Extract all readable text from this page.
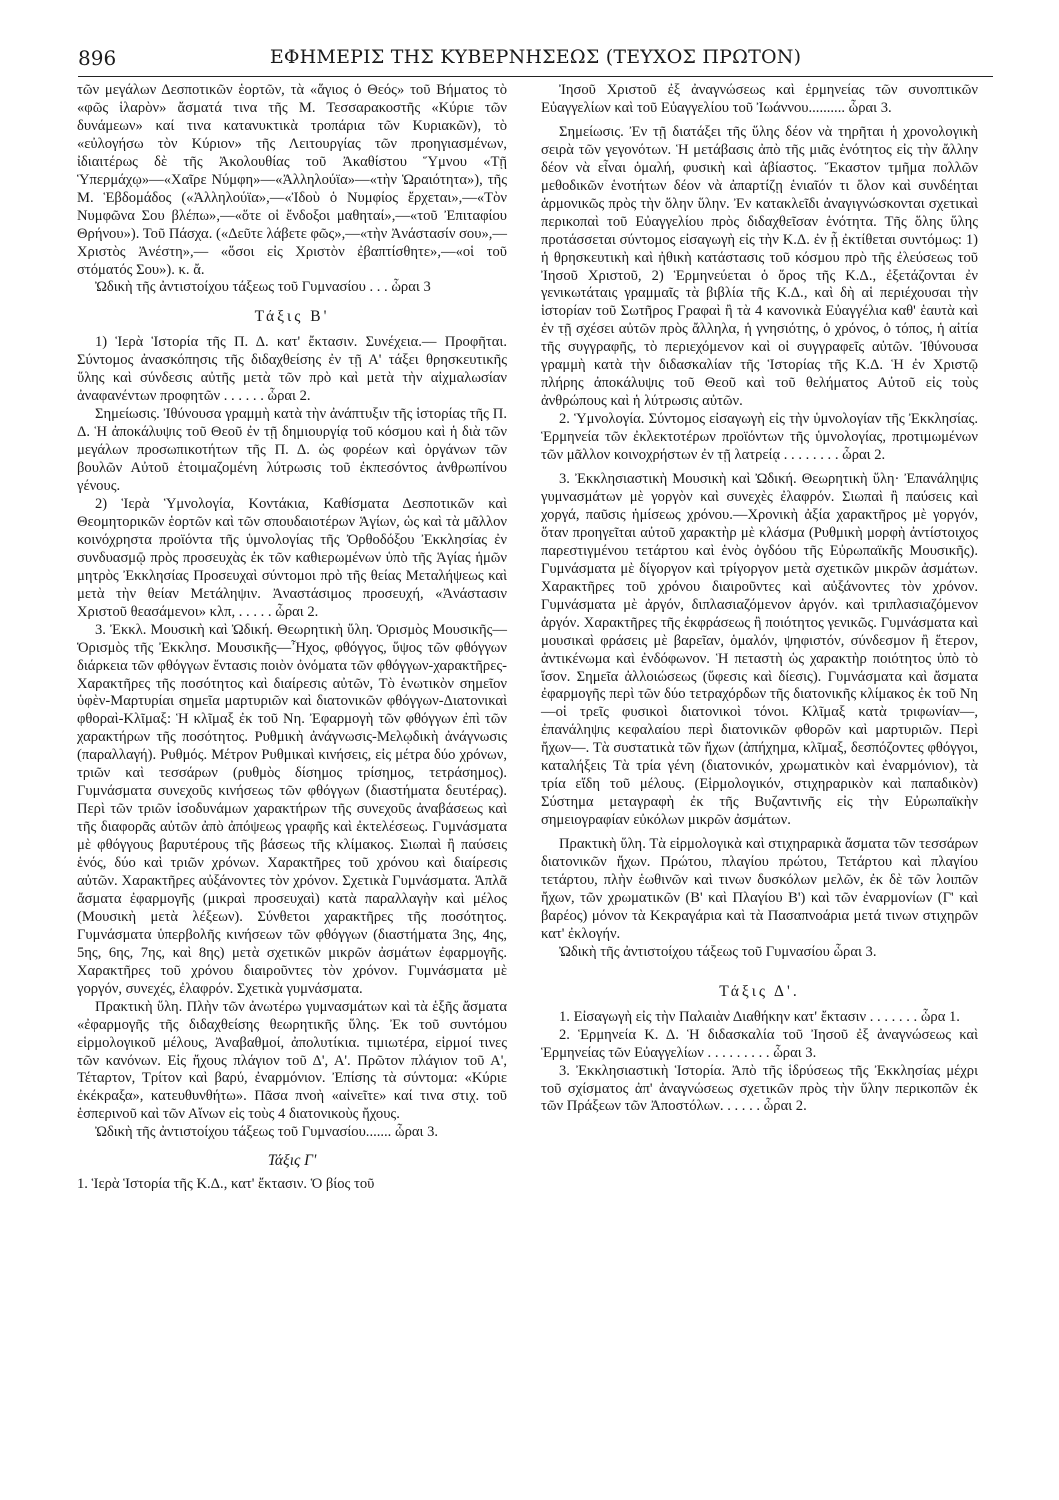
896	ΕΦΗΜΕΡΙΣ ΤΗΣ ΚΥΒΕΡΝΗΣΕΩΣ (ΤΕΥΧΟΣ ΠΡΩΤΟΝ)

τῶν μεγάλων Δεσποτικῶν ἑορτῶν, τὰ «ἅγιος ὁ Θεός» τοῦ Βήματος τὸ «φῶς ἱλαρὸν» ἄσματά τινα τῆς Μ. Τεσσαρακοστῆς «Κύριε τῶν δυνάμεων» καί τινα κατανυκτικὰ τροπάρια τῶν Κυριακῶν), τὸ «εὐλογήσω τὸν Κύριον» τῆς Λειτουργίας τῶν προηγιασμένων, ἰδιαιτέρως δὲ τῆς Ἀκολουθίας τοῦ Ἀκαθίστου Ὕμνου «Τῇ Ὑπερμάχῳ»—«Χαῖρε Νύμφη»—«Ἀλληλούϊα»—«τὴν Ὡραιότητα»), τῆς Μ. Ἑβδομάδος («Ἀλληλούϊα»,—«Ἰδοὺ ὁ Νυμφίος ἔρχεται»,—«Τὸν Νυμφῶνα Σου βλέπω»,—«ὅτε οἱ ἔνδοξοι μαθηταί»,—«τοῦ Ἐπιταφίου Θρήνου»). Τοῦ Πάσχα. («Δεῦτε λάβετε φῶς»,—«τὴν Ἀνάστασίν σου»,—Χριστὸς Ἀνέστη»,— «ὅσοι εἰς Χριστὸν ἐβαπτίσθητε»,—«οἱ τοῦ στόματός Σου»). κ. ἄ.

Ὠδικὴ τῆς ἀντιστοίχου τάξεως τοῦ Γυμνασίου . . . ὧραι 3

Τάξις Β'

1) Ἱερὰ Ἱστορία τῆς Π. Δ. κατ' ἔκτασιν. Συνέχεια.— Προφῆται. Σύντομος ἀνασκόπησις τῆς διδαχθείσης ἐν τῇ Α' τάξει θρησκευτικῆς ὕλης καὶ σύνδεσις αὐτῆς μετὰ τῶν πρὸ καὶ μετὰ τὴν αἰχμαλωσίαν ἀναφανέντων προφητῶν . . . . . . ὧραι 2.

Σημείωσις. Ἰθύνουσα γραμμὴ κατὰ τὴν ἀνάπτυξιν τῆς ἱστορίας τῆς Π. Δ. Ἡ ἀποκάλυψις τοῦ Θεοῦ ἐν τῇ δημιουργίᾳ τοῦ κόσμου καὶ ἡ διὰ τῶν μεγάλων προσωπικοτήτων τῆς Π. Δ. ὡς φορέων καὶ ὀργάνων τῶν βουλῶν Αὐτοῦ ἑτοιμαζομένη λύτρωσις τοῦ ἐκπεσόντος ἀνθρωπίνου γένους.

2) Ἱερὰ Ὑμνολογία, Κοντάκια, Καθίσματα Δεσποτικῶν καὶ Θεομητορικῶν ἑορτῶν καὶ τῶν σπουδαιοτέρων Ἁγίων, ὡς καὶ τὰ μᾶλλον κοινόχρηστα προϊόντα τῆς ὑμνολογίας τῆς Ὀρθοδόξου Ἐκκλησίας ἐν συνδυασμῷ πρὸς προσευχὰς ἐκ τῶν καθιερωμένων ὑπὸ τῆς Ἁγίας ἡμῶν μητρὸς Ἐκκλησίας Προσευχαὶ σύντομοι πρὸ τῆς θείας Μεταλήψεως καὶ μετὰ τὴν θείαν Μετάληψιν. Ἀναστάσιμος προσευχή, «Ἀνάστασιν Χριστοῦ θεασάμενοι» κλπ, . . . . . ὧραι 2.

3. Ἐκκλ. Μουσικὴ καὶ Ὠδική. Θεωρητικὴ ὕλη. Ὁρισμὸς Μουσικῆς—Ὁρισμὸς τῆς Ἐκκλησ. Μουσικῆς—Ἦχος, φθόγγος, ὕψος τῶν φθόγγων διάρκεια τῶν φθόγγων ἔντασις ποιὸν ὀνόματα τῶν φθόγγων-χαρακτῆρες-Χαρακτῆρες τῆς ποσότητος καὶ διαίρεσις αὐτῶν, Τὸ ἑνωτικὸν σημεῖον ὑφὲν-Μαρτυρίαι σημεῖα μαρτυριῶν καὶ διατονικῶν φθόγγων-Διατονικαὶ φθοραὶ-Κλῖμαξ: Ἡ κλῖμαξ ἐκ τοῦ Νη. Ἐφαρμογὴ τῶν φθόγγων ἐπὶ τῶν χαρακτήρων τῆς ποσότητος. Ρυθμικὴ ἀνάγνωσις-Μελῳδικὴ ἀνάγνωσις (παραλλαγή). Ρυθμός. Μέτρον Ρυθμικαὶ κινήσεις, εἰς μέτρα δύο χρόνων, τριῶν καὶ τεσσάρων (ρυθμὸς δίσημος τρίσημος, τετράσημος). Γυμνάσματα συνεχοῦς κινήσεως τῶν φθόγγων (διαστήματα δευτέρας). Περὶ τῶν τριῶν ἰσοδυνάμων χαρακτήρων τῆς συνεχοῦς ἀναβάσεως καὶ τῆς διαφορᾶς αὐτῶν ἀπὸ ἀπόψεως γραφῆς καὶ ἐκτελέσεως. Γυμνάσματα μὲ φθόγγους βαρυτέρους τῆς βάσεως τῆς κλίμακος. Σιωπαὶ ἢ παύσεις ἑνός, δύο καὶ τριῶν χρόνων. Χαρακτῆρες τοῦ χρόνου καὶ διαίρεσις αὐτῶν. Χαρακτῆρες αὐξάνοντες τὸν χρόνον. Σχετικὰ Γυμνάσματα. Ἁπλᾶ ἄσματα ἐφαρμογῆς (μικραὶ προσευχαὶ) κατὰ παραλλαγὴν καὶ μέλος (Μουσικὴ μετὰ λέξεων). Σύνθετοι χαρακτῆρες τῆς ποσότητος. Γυμνάσματα ὑπερβολῆς κινήσεων τῶν φθόγγων (διαστήματα 3ης, 4ης, 5ης, 6ης, 7ης, καὶ 8ης) μετὰ σχετικῶν μικρῶν ἀσμάτων ἐφαρμογῆς. Χαρακτῆρες τοῦ χρόνου διαιροῦντες τὸν χρόνον. Γυμνάσματα μὲ γοργόν, συνεχές, ἐλαφρόν. Σχετικὰ γυμνάσματα.

Πρακτικὴ ὕλη. Πλὴν τῶν ἀνωτέρω γυμνασμάτων καὶ τὰ ἑξῆς ἄσματα «ἐφαρμογῆς τῆς διδαχθείσης θεωρητικῆς ὕλης. Ἐκ τοῦ συντόμου εἱρμολογικοῦ μέλους, Ἀναβαθμοί, ἀπολυτίκια. τιμιωτέρα, εἱρμοί τινες τῶν κανόνων. Εἰς ἤχους πλάγιον τοῦ Δ', Α'. Πρῶτον πλάγιον τοῦ Α', Τέταρτον, Τρίτον καὶ βαρύ, ἐναρμόνιον. Ἐπίσης τὰ σύντομα: «Κύριε ἐκέκραξα», κατευθυνθήτω». Πᾶσα πνοὴ «αἰνεῖτε» καί τινα στιχ. τοῦ ἑσπερινοῦ καὶ τῶν Αἴνων εἰς τοὺς 4 διατονικοὺς ἤχους.

Ὠδικὴ τῆς ἀντιστοίχου τάξεως τοῦ Γυμνασίου....... ὧραι 3.

Τάξις Γ'

1. Ἱερὰ Ἱστορία τῆς Κ.Δ., κατ' ἔκτασιν. Ὁ βίος τοῦ

Ἰησοῦ Χριστοῦ ἐξ ἀναγνώσεως καὶ ἑρμηνείας τῶν συνοπτικῶν Εὐαγγελίων καὶ τοῦ Εὐαγγελίου τοῦ Ἰωάννου.......... ὧραι 3.

Σημείωσις. Ἐν τῇ διατάξει τῆς ὕλης δέον νὰ τηρῆται ἡ χρονολογικὴ σειρὰ τῶν γεγονότων. Ἡ μετάβασις ἀπὸ τῆς μιᾶς ἑνότητος εἰς τὴν ἄλλην δέον νὰ εἶναι ὁμαλή, φυσικὴ καὶ ἀβίαστος. Ἕκαστον τμῆμα πολλῶν μεθοδικῶν ἑνοτήτων δέον νὰ ἀπαρτίζῃ ἑνιαῖόν τι ὅλον καὶ συνδέηται ἁρμονικῶς πρὸς τὴν ὅλην ὕλην. Ἐν κατακλεῖδι ἀναγιγνώσκονται σχετικαὶ περικοπαὶ τοῦ Εὐαγγελίου πρὸς διδαχθεῖσαν ἑνότητα. Τῆς ὅλης ὕλης προτάσσεται σύντομος εἰσαγωγὴ εἰς τὴν Κ.Δ. ἐν ᾗ ἐκτίθεται συντόμως: 1) ἡ θρησκευτικὴ καὶ ἠθικὴ κατάστασις τοῦ κόσμου πρὸ τῆς ἐλεύσεως τοῦ Ἰησοῦ Χριστοῦ, 2) Ἑρμηνεύεται ὁ ὅρος τῆς Κ.Δ., ἐξετάζονται ἐν γενικωτάταις γραμμαῖς τὰ βιβλία τῆς Κ.Δ., καὶ δὴ αἱ περιέχουσαι τὴν ἱστορίαν τοῦ Σωτῆρος Γραφαὶ ἢ τὰ 4 κανονικὰ Εὐαγγέλια καθ' ἑαυτὰ καὶ ἐν τῇ σχέσει αὐτῶν πρὸς ἄλληλα, ἡ γνησιότης, ὁ χρόνος, ὁ τόπος, ἡ αἰτία τῆς συγγραφῆς, τὸ περιεχόμενον καὶ οἱ συγγραφεῖς αὐτῶν. Ἰθύνουσα γραμμὴ κατὰ τὴν διδασκαλίαν τῆς Ἱστορίας τῆς Κ.Δ. Ἡ ἐν Χριστῷ πλήρης ἀποκάλυψις τοῦ Θεοῦ καὶ τοῦ θελήματος Αὐτοῦ εἰς τοὺς ἀνθρώπους καὶ ἡ λύτρωσις αὐτῶν.

2. Ὑμνολογία. Σύντομος εἰσαγωγὴ εἰς τὴν ὑμνολογίαν τῆς Ἐκκλησίας. Ἑρμηνεία τῶν ἐκλεκτοτέρων προϊόντων τῆς ὑμνολογίας, προτιμωμένων τῶν μᾶλλον κοινοχρήστων ἐν τῇ λατρείᾳ . . . . . . . . ὧραι 2.

3. Ἐκκλησιαστικὴ Μουσικὴ καὶ Ὠδική. Θεωρητικὴ ὕλη· Ἐπανάληψις γυμνασμάτων μὲ γοργὸν καὶ συνεχὲς ἐλαφρόν. Σιωπαὶ ἢ παύσεις καὶ χοργά, παῦσις ἡμίσεως χρόνου.—Χρονικὴ ἀξία χαρακτῆρος μὲ γοργόν, ὅταν προηγεῖται αὐτοῦ χαρακτὴρ μὲ κλάσμα (Ρυθμικὴ μορφὴ ἀντίστοιχος παρεστιγμένου τετάρτου καὶ ἑνὸς ὀγδόου τῆς Εὐρωπαϊκῆς Μουσικῆς). Γυμνάσματα μὲ δίγοργον καὶ τρίγοργον μετὰ σχετικῶν μικρῶν ἀσμάτων. Χαρακτῆρες τοῦ χρόνου διαιροῦντες καὶ αὐξάνοντες τὸν χρόνον. Γυμνάσματα μὲ ἀργόν, διπλασιαζόμενον ἀργόν. καὶ τριπλασιαζόμενον ἀργόν. Χαρακτῆρες τῆς ἐκφράσεως ἢ ποιότητος γενικῶς. Γυμνάσματα καὶ μουσικαὶ φράσεις μὲ βαρεῖαν, ὁμαλόν, ψηφιστόν, σύνδεσμον ἢ ἕτερον, ἀντικένωμα καὶ ἐνδόφωνον. Ἡ πεταστὴ ὡς χαρακτὴρ ποιότητος ὑπὸ τὸ ἴσον. Σημεῖα ἀλλοιώσεως (ὕφεσις καὶ δίεσις). Γυμνάσματα καὶ ἄσματα ἐφαρμογῆς περὶ τῶν δύο τετραχόρδων τῆς διατονικῆς κλίμακος ἐκ τοῦ Νη—οἱ τρεῖς φυσικοὶ διατονικοὶ τόνοι. Κλῖμαξ κατὰ τριφωνίαν—, ἐπανάληψις κεφαλαίου περὶ διατονικῶν φθορῶν καὶ μαρτυριῶν. Περὶ ἤχων—. Τὰ συστατικὰ τῶν ἤχων (ἀπήχημα, κλῖμαξ, δεσπόζοντες φθόγγοι, καταλήξεις Τὰ τρία γένη (διατονικόν, χρωματικὸν καὶ ἐναρμόνιον), τὰ τρία εἴδη τοῦ μέλους. (Εἱρμολογικόν, στιχηραρικὸν καὶ παπαδικὸν) Σύστημα μεταγραφὴ ἐκ τῆς Βυζαντινῆς εἰς τὴν Εὐρωπαϊκὴν σημειογραφίαν εὐκόλων μικρῶν ἀσμάτων.

Πρακτικὴ ὕλη. Τὰ εἱρμολογικὰ καὶ στιχηραρικὰ ἄσματα τῶν τεσσάρων διατονικῶν ἤχων. Πρώτου, πλαγίου πρώτου, Τετάρτου καὶ πλαγίου τετάρτου, πλὴν ἑωθινῶν καὶ τινων δυσκόλων μελῶν, ἐκ δὲ τῶν λοιπῶν ἤχων, τῶν χρωματικῶν (Β' καὶ Πλαγίου Β') καὶ τῶν ἐναρμονίων (Γ' καὶ βαρέος) μόνον τὰ Κεκραγάρια καὶ τὰ Πασαπνοάρια μετά τινων στιχηρῶν κατ' ἐκλογήν.

Ὠδικὴ τῆς ἀντιστοίχου τάξεως τοῦ Γυμνασίου ὧραι 3.

Τάξις Δ'.

1. Εἰσαγωγὴ εἰς τὴν Παλαιὰν Διαθήκην κατ' ἔκτασιν . . . . . . . ὧρα 1.

2. Ἑρμηνεία Κ. Δ. Ἡ διδασκαλία τοῦ Ἰησοῦ ἐξ ἀναγνώσεως καὶ Ἑρμηνείας τῶν Εὐαγγελίων . . . . . . . . . ὧραι 3.

3. Ἐκκλησιαστικὴ Ἱστορία. Ἀπὸ τῆς ἱδρύσεως τῆς Ἐκκλησίας μέχρι τοῦ σχίσματος ἀπ' ἀναγνώσεως σχετικῶν πρὸς τὴν ὕλην περικοπῶν ἐκ τῶν Πράξεων τῶν Ἀποστόλων. . . . . . ὧραι 2.
